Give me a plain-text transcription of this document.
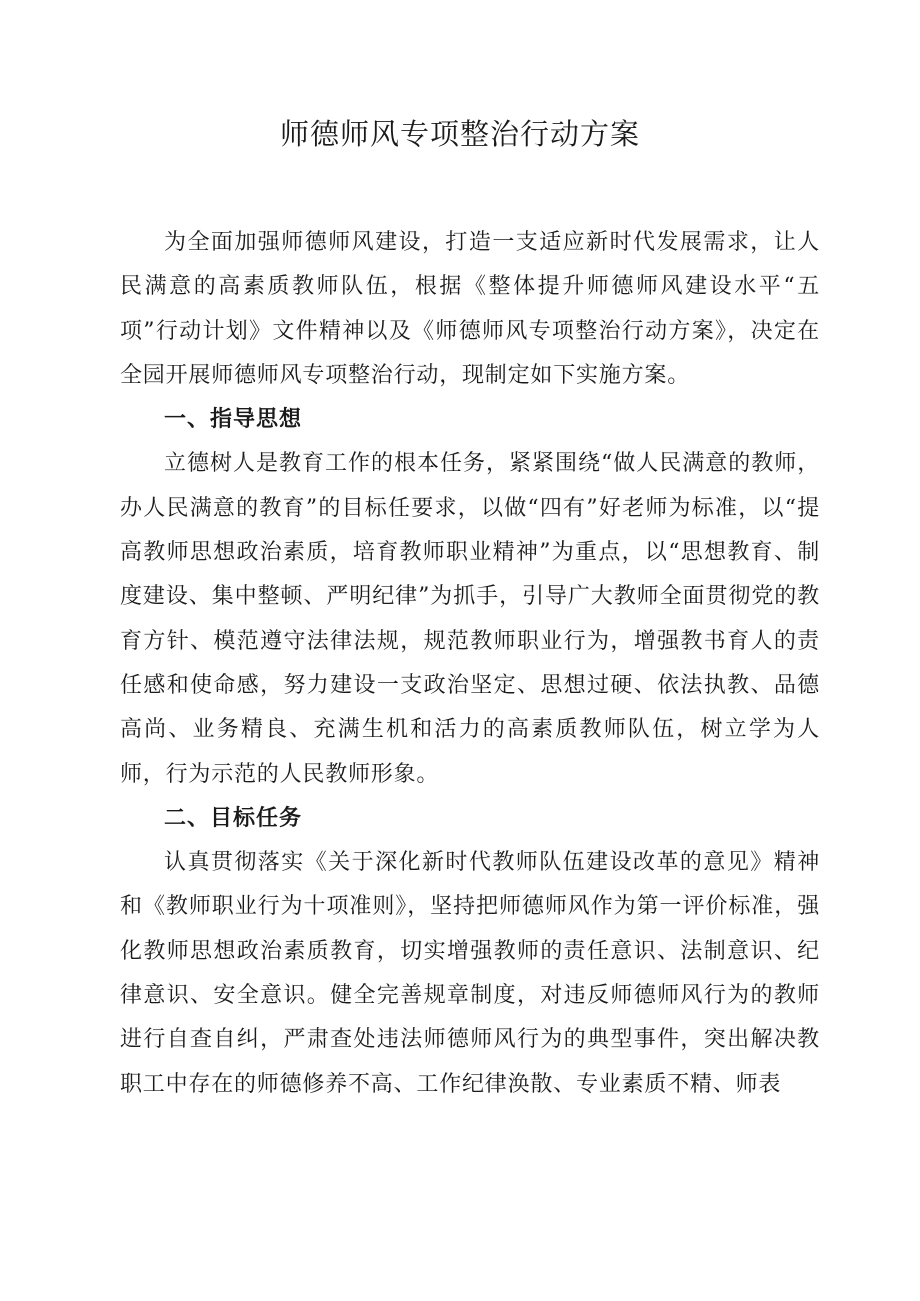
师德师风专项整治行动方案

为全面加强师德师风建设，打造一支适应新时代发展需求，让人民满意的高素质教师队伍，根据《整体提升师德师风建设水平“五项”行动计划》文件精神以及《师德师风专项整治行动方案》，决定在全园开展师德师风专项整治行动，现制定如下实施方案。

一、指导思想

立德树人是教育工作的根本任务，紧紧围绕“做人民满意的教师，办人民满意的教育”的目标任要求，以做“四有”好老师为标准，以“提高教师思想政治素质，培育教师职业精神”为重点，以“思想教育、制度建设、集中整顿、严明纪律”为抓手，引导广大教师全面贯彻党的教育方针、模范遵守法律法规，规范教师职业行为，增强教书育人的责任感和使命感，努力建设一支政治坚定、思想过硬、依法执教、品德高尚、业务精良、充满生机和活力的高素质教师队伍，树立学为人师，行为示范的人民教师形象。

二、目标任务

认真贯彻落实《关于深化新时代教师队伍建设改革的意见》精神和《教师职业行为十项准则》，坚持把师德师风作为第一评价标准，强化教师思想政治素质教育，切实增强教师的责任意识、法制意识、纪律意识、安全意识。健全完善规章制度，对违反师德师风行为的教师进行自查自纠，严肃查处违法师德师风行为的典型事件，突出解决教职工中存在的师德修养不高、工作纪律涣散、专业素质不精、师表
